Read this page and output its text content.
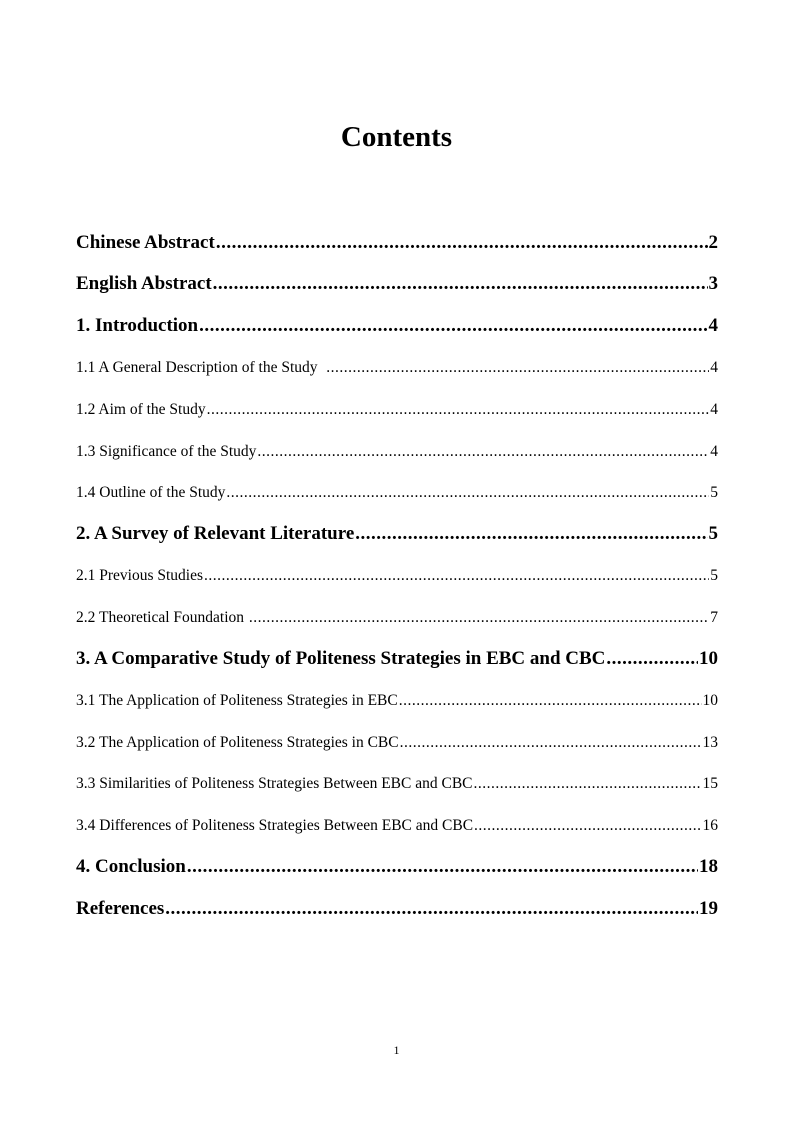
Contents
Chinese Abstract .....	2
English Abstract .....	3
1. Introduction .....	4
1.1 A General Description of the Study .....	4
1.2 Aim of the Study .....	4
1.3 Significance of the Study .....	4
1.4 Outline of the Study .....	5
2. A Survey of Relevant Literature .....	5
2.1 Previous Studies .....	5
2.2 Theoretical Foundation .....	7
3. A Comparative Study of Politeness Strategies in EBC and CBC .....	10
3.1 The Application of Politeness Strategies in EBC .....	10
3.2 The Application of Politeness Strategies in CBC .....	13
3.3 Similarities of Politeness Strategies Between EBC and CBC .....	15
3.4 Differences of Politeness Strategies Between EBC and CBC .....	16
4. Conclusion .....	18
References .....	19
1
